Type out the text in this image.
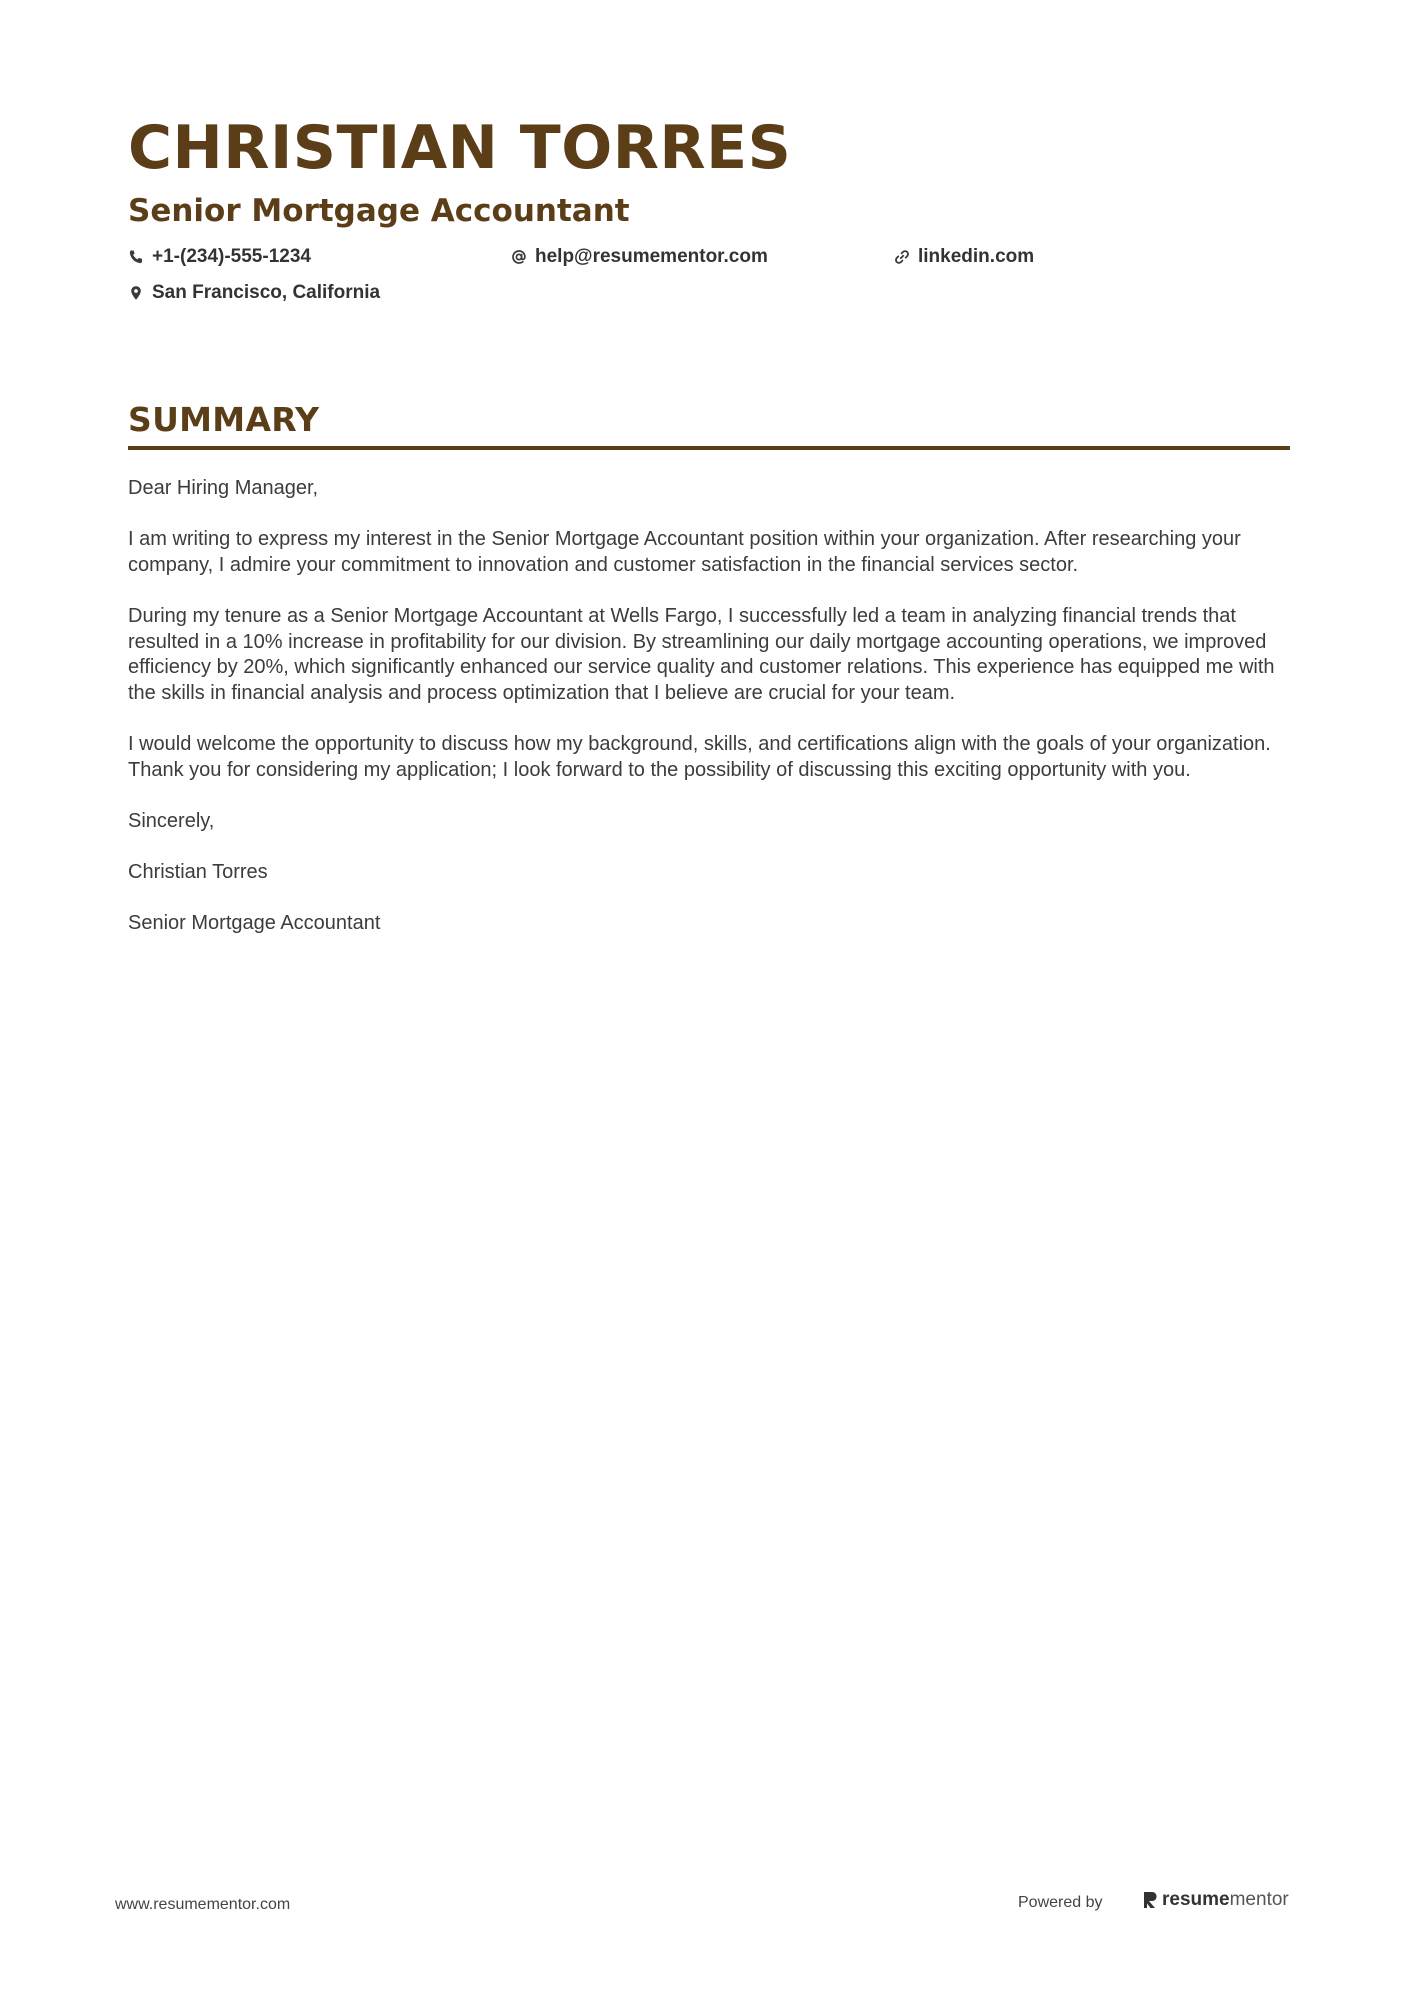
CHRISTIAN TORRES
Senior Mortgage Accountant
+1-(234)-555-1234	help@resumementor.com	linkedin.com
San Francisco, California
SUMMARY

Dear Hiring Manager,

I am writing to express my interest in the Senior Mortgage Accountant position within your organization. After researching your company, I admire your commitment to innovation and customer satisfaction in the financial services sector.

During my tenure as a Senior Mortgage Accountant at Wells Fargo, I successfully led a team in analyzing financial trends that resulted in a 10% increase in profitability for our division. By streamlining our daily mortgage accounting operations, we improved efficiency by 20%, which significantly enhanced our service quality and customer relations. This experience has equipped me with the skills in financial analysis and process optimization that I believe are crucial for your team.

I would welcome the opportunity to discuss how my background, skills, and certifications align with the goals of your organization. Thank you for considering my application; I look forward to the possibility of discussing this exciting opportunity with you.

Sincerely,

Christian Torres

Senior Mortgage Accountant

www.resumementor.com	Powered by	resume mentor
